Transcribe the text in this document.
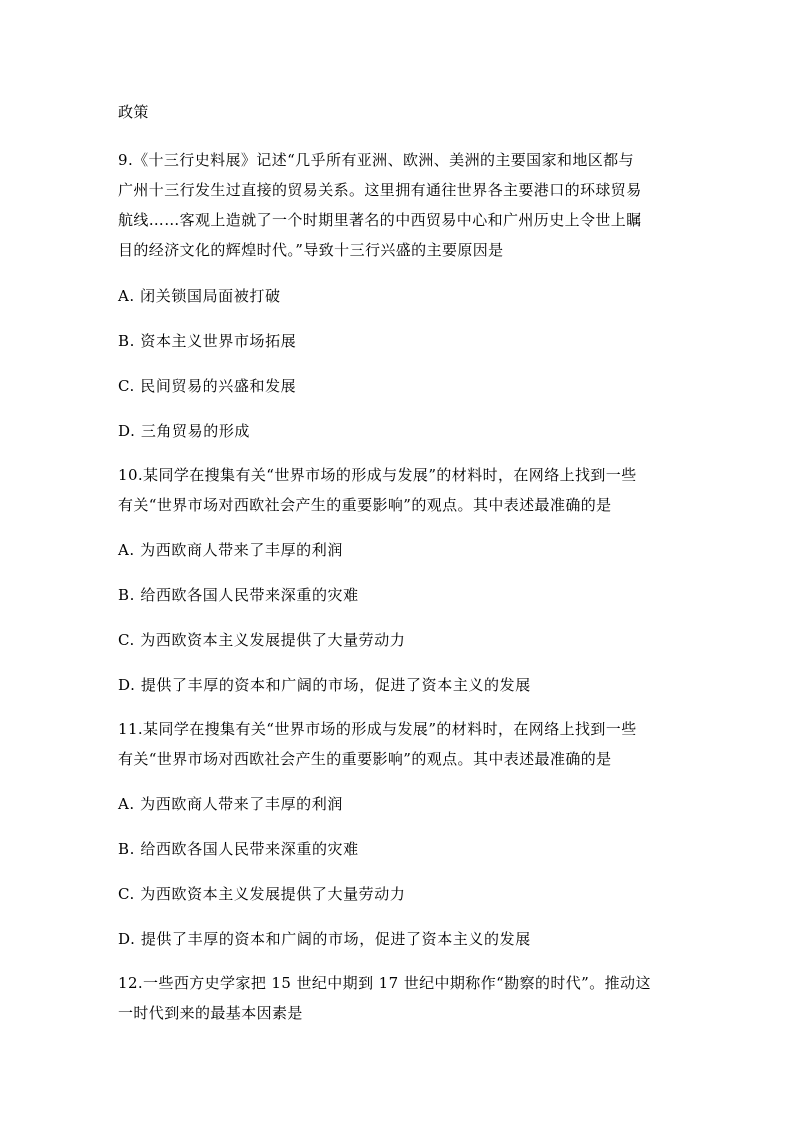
政策
9.《十三行史料展》记述“几乎所有亚洲、欧洲、美洲的主要国家和地区都与
广州十三行发生过直接的贸易关系。这里拥有通往世界各主要港口的环球贸易
航线……客观上造就了一个时期里著名的中西贸易中心和广州历史上令世上瞩
目的经济文化的辉煌时代。”导致十三行兴盛的主要原因是
A. 闭关锁国局面被打破
B. 资本主义世界市场拓展
C. 民间贸易的兴盛和发展
D. 三角贸易的形成
10.某同学在搜集有关“世界市场的形成与发展”的材料时，在网络上找到一些
有关“世界市场对西欧社会产生的重要影响”的观点。其中表述最准确的是
A. 为西欧商人带来了丰厚的利润
B. 给西欧各国人民带来深重的灾难
C. 为西欧资本主义发展提供了大量劳动力
D. 提供了丰厚的资本和广阔的市场，促进了资本主义的发展
11.某同学在搜集有关“世界市场的形成与发展”的材料时，在网络上找到一些
有关“世界市场对西欧社会产生的重要影响”的观点。其中表述最准确的是
A. 为西欧商人带来了丰厚的利润
B. 给西欧各国人民带来深重的灾难
C. 为西欧资本主义发展提供了大量劳动力
D. 提供了丰厚的资本和广阔的市场，促进了资本主义的发展
12.一些西方史学家把 15 世纪中期到 17 世纪中期称作“勘察的时代”。推动这
一时代到来的最基本因素是
